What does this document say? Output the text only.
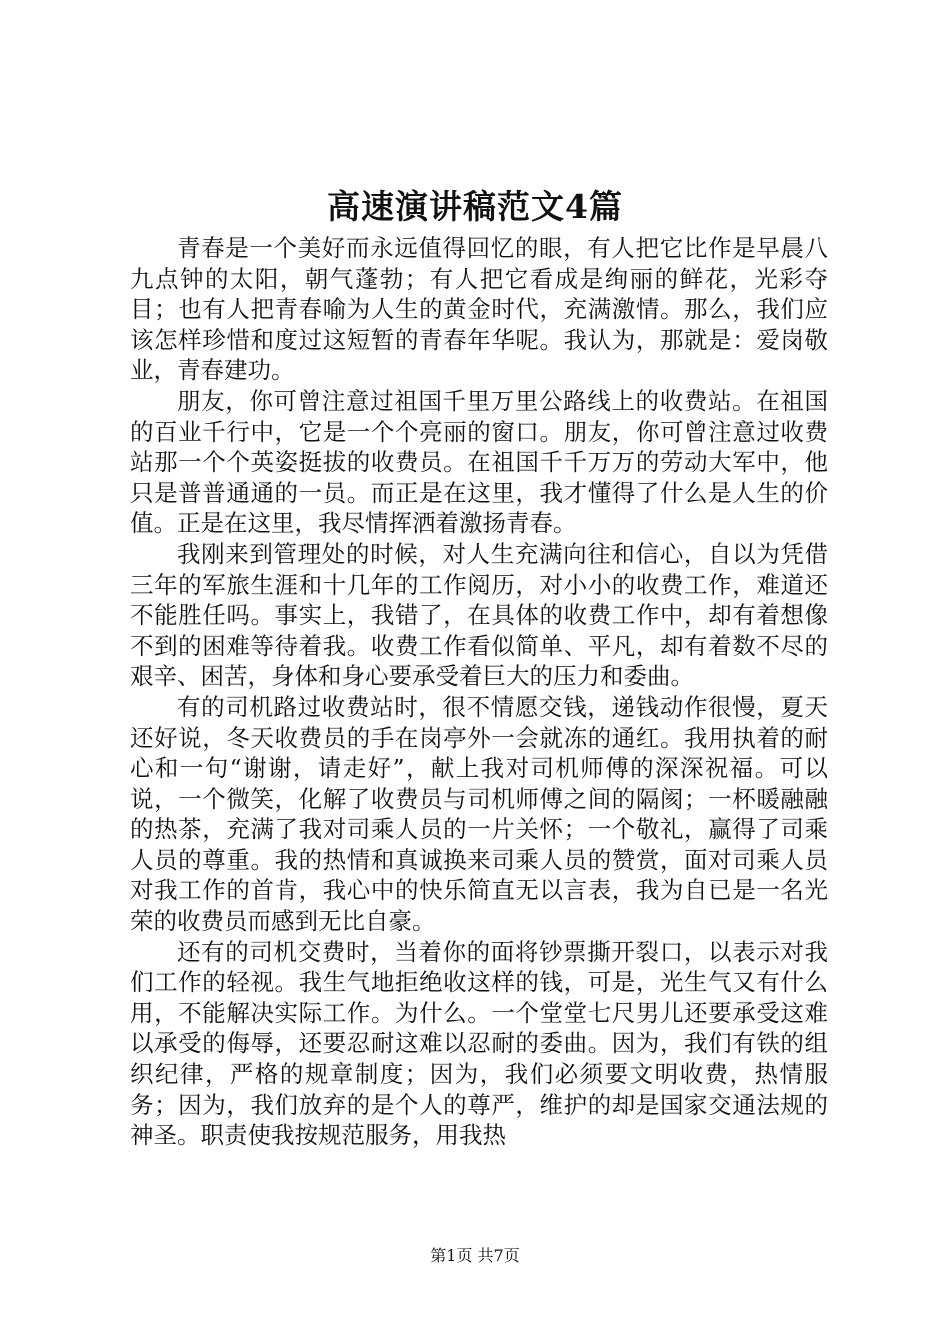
高速演讲稿范文4篇

青春是一个美好而永远值得回忆的眼，有人把它比作是早晨八九点钟的太阳，朝气蓬勃；有人把它看成是绚丽的鲜花，光彩夺目；也有人把青春喻为人生的黄金时代，充满激情。那么，我们应该怎样珍惜和度过这短暂的青春年华呢。我认为，那就是：爱岗敬业，青春建功。

朋友，你可曾注意过祖国千里万里公路线上的收费站。在祖国的百业千行中，它是一个个亮丽的窗口。朋友，你可曾注意过收费站那一个个英姿挺拔的收费员。在祖国千千万万的劳动大军中，他只是普普通通的一员。而正是在这里，我才懂得了什么是人生的价值。正是在这里，我尽情挥洒着激扬青春。

我刚来到管理处的时候，对人生充满向往和信心，自以为凭借三年的军旅生涯和十几年的工作阅历，对小小的收费工作，难道还不能胜任吗。事实上，我错了，在具体的收费工作中，却有着想像不到的困难等待着我。收费工作看似简单、平凡，却有着数不尽的艰辛、困苦，身体和身心要承受着巨大的压力和委曲。

有的司机路过收费站时，很不情愿交钱，递钱动作很慢，夏天还好说，冬天收费员的手在岗亭外一会就冻的通红。我用执着的耐心和一句“谢谢，请走好”，献上我对司机师傅的深深祝福。可以说，一个微笑，化解了收费员与司机师傅之间的隔阂；一杯暖融融的热茶，充满了我对司乘人员的一片关怀；一个敬礼，赢得了司乘人员的尊重。我的热情和真诚换来司乘人员的赞赏，面对司乘人员对我工作的首肯，我心中的快乐简直无以言表，我为自已是一名光荣的收费员而感到无比自豪。

还有的司机交费时，当着你的面将钞票撕开裂口，以表示对我们工作的轻视。我生气地拒绝收这样的钱，可是，光生气又有什么用，不能解决实际工作。为什么。一个堂堂七尺男儿还要承受这难以承受的侮辱，还要忍耐这难以忍耐的委曲。因为，我们有铁的组织纪律，严格的规章制度；因为，我们必须要文明收费，热情服务；因为，我们放弃的是个人的尊严，维护的却是国家交通法规的神圣。职责使我按规范服务，用我热

第1页 共7页
